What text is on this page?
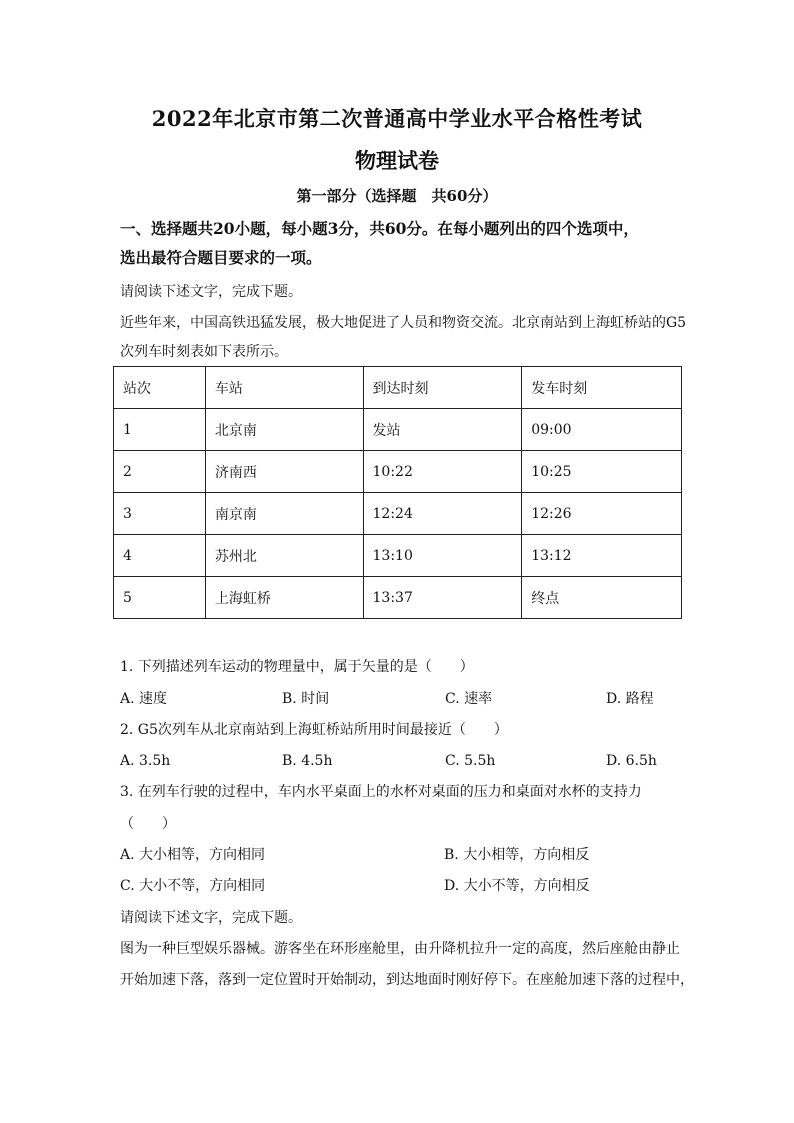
2022年北京市第二次普通高中学业水平合格性考试
物理试卷
第一部分（选择题　共60分）
一、选择题共20小题，每小题3分，共60分。在每小题列出的四个选项中，
选出最符合题目要求的一项。
请阅读下述文字，完成下题。
近些年来，中国高铁迅猛发展，极大地促进了人员和物资交流。北京南站到上海虹桥站的G5
次列车时刻表如下表所示。
站次	车站	到达时刻	发车时刻
1	北京南	发站	09:00
2	济南西	10:22	10:25
3	南京南	12:24	12:26
4	苏州北	13:10	13:12
5	上海虹桥	13:37	终点
1. 下列描述列车运动的物理量中，属于矢量的是（　　）
A. 速度	B. 时间	C. 速率	D. 路程
2. G5次列车从北京南站到上海虹桥站所用时间最接近（　　）
A. 3.5h	B. 4.5h	C. 5.5h	D. 6.5h
3. 在列车行驶的过程中，车内水平桌面上的水杯对桌面的压力和桌面对水杯的支持力
（　　）
A. 大小相等，方向相同	B. 大小相等，方向相反
C. 大小不等，方向相同	D. 大小不等，方向相反
请阅读下述文字，完成下题。
图为一种巨型娱乐器械。游客坐在环形座舱里，由升降机拉升一定的高度，然后座舱由静止
开始加速下落，落到一定位置时开始制动，到达地面时刚好停下。在座舱加速下落的过程中，
